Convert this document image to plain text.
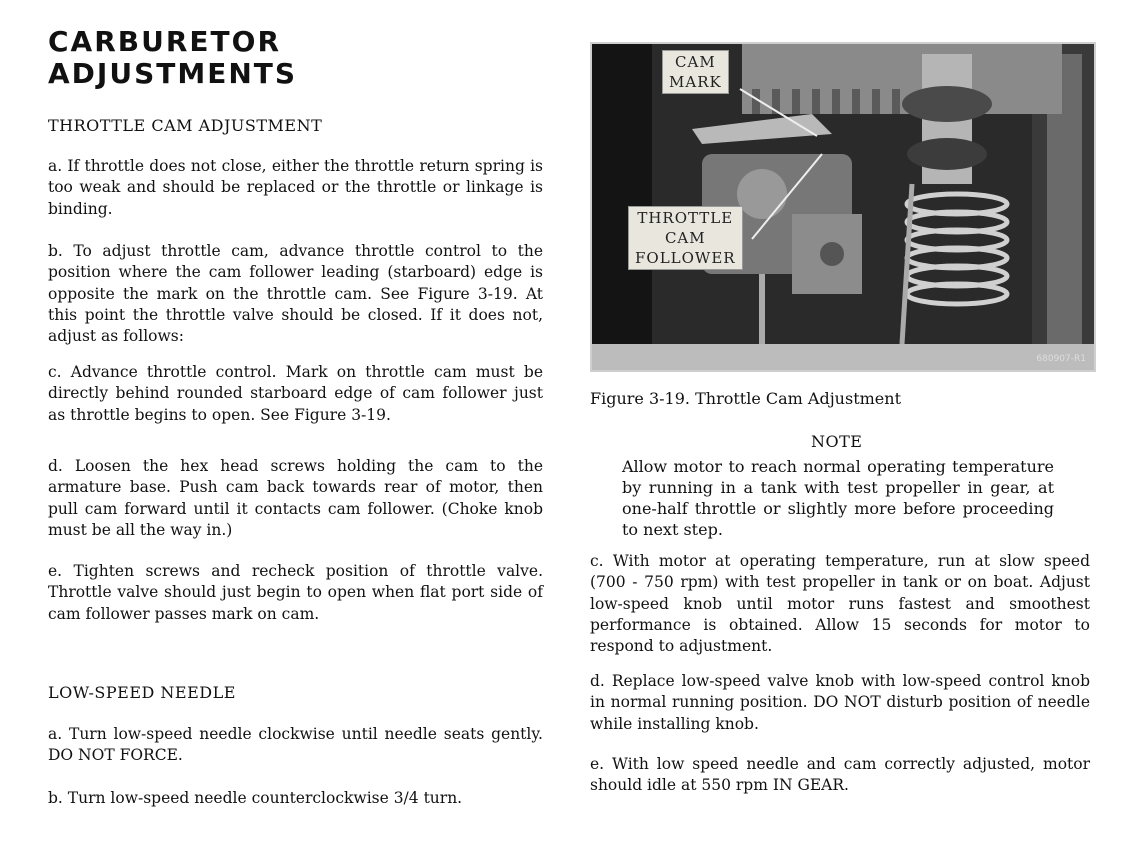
CARBURETOR
ADJUSTMENTS
THROTTLE CAM ADJUSTMENT

a. If throttle does not close, either the throttle return spring is too weak and should be replaced or the throttle or linkage is binding.

b. To adjust throttle cam, advance throttle control to the position where the cam follower leading (starboard) edge is opposite the mark on the throttle cam. See Figure 3-19. At this point the throttle valve should be closed. If it does not, adjust as follows:

c. Advance throttle control. Mark on throttle cam must be directly behind rounded starboard edge of cam follower just as throttle begins to open. See Figure 3-19.

d. Loosen the hex head screws holding the cam to the armature base. Push cam back towards rear of motor, then pull cam forward until it contacts cam follower. (Choke knob must be all the way in.)

e. Tighten screws and recheck position of throttle valve. Throttle valve should just begin to open when flat port side of cam follower passes mark on cam.

LOW-SPEED NEEDLE

a. Turn low-speed needle clockwise until needle seats gently. DO NOT FORCE.

b. Turn low-speed needle counterclockwise 3/4 turn.

CAM
MARK
THROTTLE
CAM
FOLLOWER
680907-R1
Figure 3-19. Throttle Cam Adjustment
NOTE

Allow motor to reach normal operating temperature by running in a tank with test propeller in gear, at one-half throttle or slightly more before proceeding to next step.

c. With motor at operating temperature, run at slow speed (700 - 750 rpm) with test propeller in tank or on boat. Adjust low-speed knob until motor runs fastest and smoothest performance is obtained. Allow 15 seconds for motor to respond to adjustment.

d. Replace low-speed valve knob with low-speed control knob in normal running position. DO NOT disturb position of needle while installing knob.

e. With low speed needle and cam correctly adjusted, motor should idle at 550 rpm IN GEAR.
